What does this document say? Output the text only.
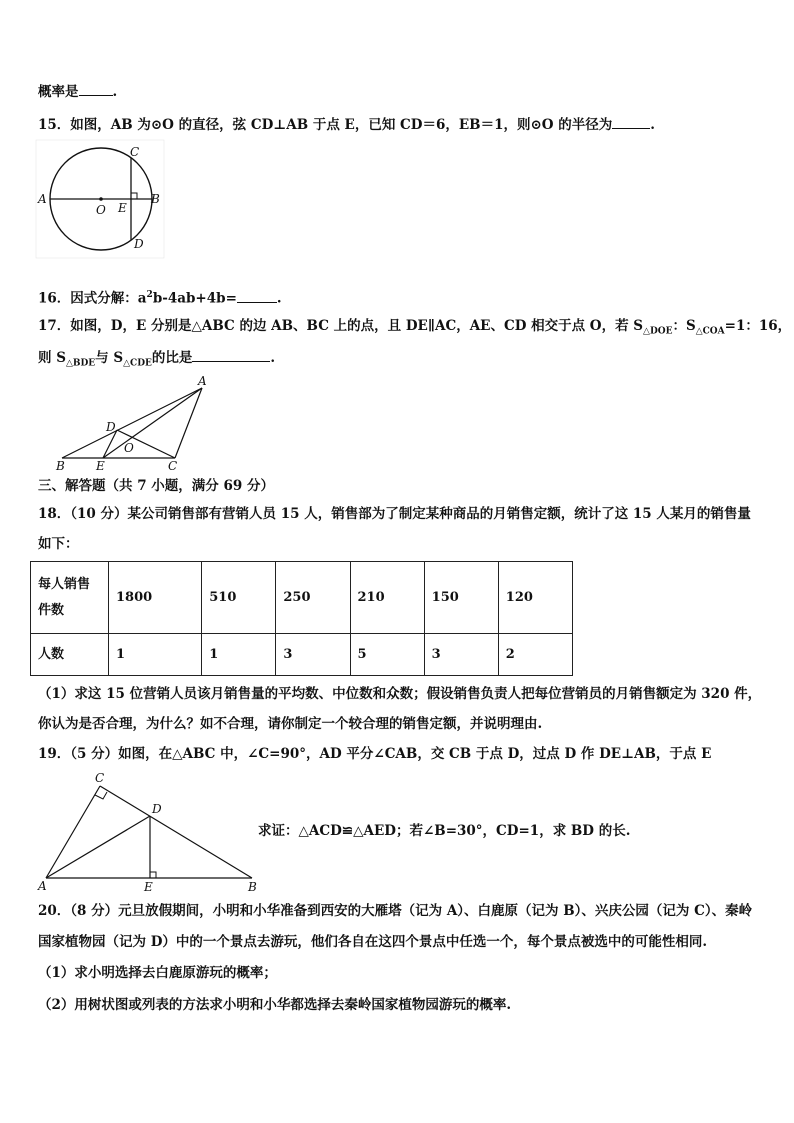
概率是	.
15．如图，AB 为⊙O 的直径，弦 CD⊥AB 于点 E，已知 CD＝6，EB＝1，则⊙O 的半径为	.
A
O E
B
C
D
16．因式分解：$a^2b-4ab+4b=$	.
17．如图，D，E 分别是△ABC 的边 AB、BC 上的点，且 DE∥AC，AE、CD 相交于点 O，若 $S_{\triangle DOE}$：$S_{\triangle COA}=1$：16，
则 $S_{\triangle BDE}$与 $S_{\triangle CDE}$的比是	.
A
D
O
B	E	C
三、解答题（共 7 小题，满分 69 分）
18．（10 分）某公司销售部有营销人员 15 人，销售部为了制定某种商品的月销售定额，统计了这 15 人某月的销售量
如下：
每人销售
件数	1800	510	250	210	150	120
人数	1	1	3	5	3	2
（1）求这 15 位营销人员该月销售量的平均数、中位数和众数；假设销售负责人把每位营销员的月销售额定为 320 件，
你认为是否合理，为什么？如不合理，请你制定一个较合理的销售定额，并说明理由.
19．（5 分）如图，在△ABC 中，∠C=90°，AD 平分∠CAB，交 CB 于点 D，过点 D 作 DE⊥AB，于点 E
C
D
A	E	B
求证：△ACD≌△AED；若∠B=30°，CD=1，求 BD 的长.
20．（8 分）元旦放假期间，小明和小华准备到西安的大雁塔（记为 A）、白鹿原（记为 B）、兴庆公园（记为 C）、秦岭
国家植物园（记为 D）中的一个景点去游玩，他们各自在这四个景点中任选一个，每个景点被选中的可能性相同.
（1）求小明选择去白鹿原游玩的概率；
（2）用树状图或列表的方法求小明和小华都选择去秦岭国家植物园游玩的概率.
